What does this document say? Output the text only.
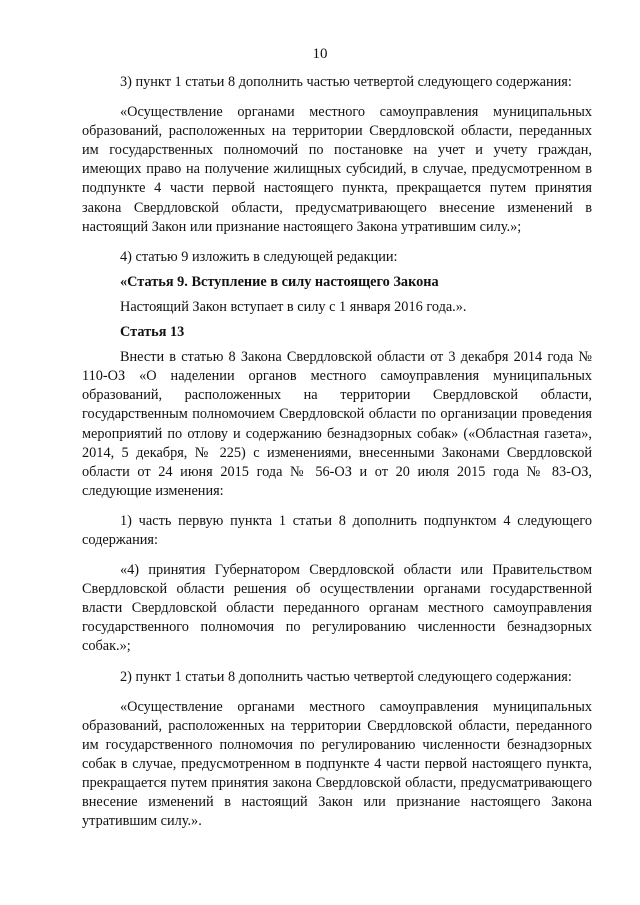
10

3) пункт 1 статьи 8 дополнить частью четвертой следующего содержания:

«Осуществление органами местного самоуправления муниципальных образований, расположенных на территории Свердловской области, переданных им государственных полномочий по постановке на учет и учету граждан, имеющих право на получение жилищных субсидий, в случае, предусмотренном в подпункте 4 части первой настоящего пункта, прекращается путем принятия закона Свердловской области, предусматривающего внесение изменений в настоящий Закон или признание настоящего Закона утратившим силу.»;

4) статью 9 изложить в следующей редакции:

«Статья 9. Вступление в силу настоящего Закона

Настоящий Закон вступает в силу с 1 января 2016 года.».

Статья 13

Внести в статью 8 Закона Свердловской области от 3 декабря 2014 года № 110-ОЗ «О наделении органов местного самоуправления муниципальных образований, расположенных на территории Свердловской области, государственным полномочием Свердловской области по организации проведения мероприятий по отлову и содержанию безнадзорных собак» («Областная газета», 2014, 5 декабря, № 225) с изменениями, внесенными Законами Свердловской области от 24 июня 2015 года № 56-ОЗ и от 20 июля 2015 года № 83-ОЗ, следующие изменения:

1) часть первую пункта 1 статьи 8 дополнить подпунктом 4 следующего содержания:

«4) принятия Губернатором Свердловской области или Правительством Свердловской области решения об осуществлении органами государственной власти Свердловской области переданного органам местного самоуправления государственного полномочия по регулированию численности безнадзорных собак.»;

2) пункт 1 статьи 8 дополнить частью четвертой следующего содержания:

«Осуществление органами местного самоуправления муниципальных образований, расположенных на территории Свердловской области, переданного им государственного полномочия по регулированию численности безнадзорных собак в случае, предусмотренном в подпункте 4 части первой настоящего пункта, прекращается путем принятия закона Свердловской области, предусматривающего внесение изменений в настоящий Закон или признание настоящего Закона утратившим силу.».
